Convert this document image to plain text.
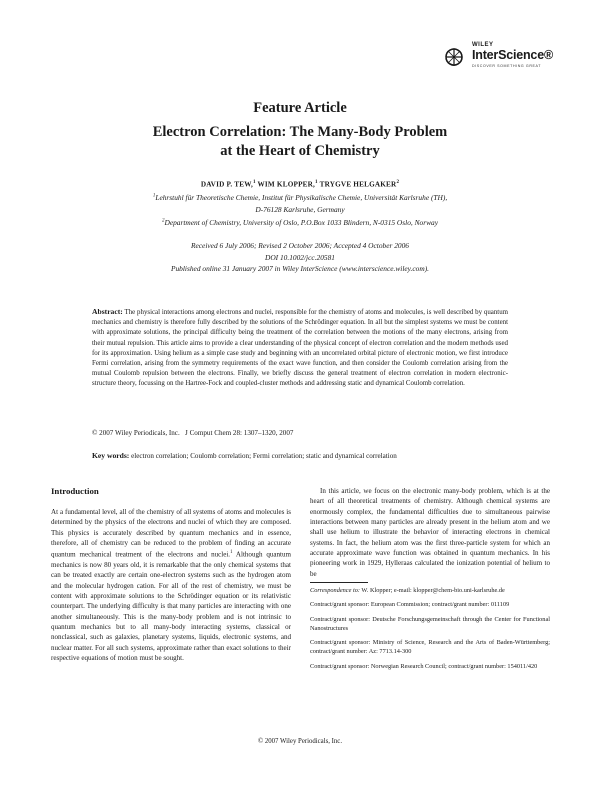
WILEY
InterScience®
DISCOVER SOMETHING GREAT
Feature Article
Electron Correlation: The Many-Body Problem
at the Heart of Chemistry
DAVID P. TEW,$^1$ WIM KLOPPER,$^1$ TRYGVE HELGAKER$^2$
$^1$Lehrstuhl für Theoretische Chemie, Institut für Physikalische Chemie, Universität Karlsruhe (TH),
D-76128 Karlsruhe, Germany
$^2$Department of Chemistry, University of Oslo, P.O.Box 1033 Blindern, N-0315 Oslo, Norway
Received 6 July 2006; Revised 2 October 2006; Accepted 4 October 2006
DOI 10.1002/jcc.20581
Published online 31 January 2007 in Wiley InterScience (www.interscience.wiley.com).
Abstract: The physical interactions among electrons and nuclei, responsible for the chemistry of atoms and molecules, is well described by quantum mechanics and chemistry is therefore fully described by the solutions of the Schrödinger equation. In all but the simplest systems we must be content with approximate solutions, the principal difficulty being the treatment of the correlation between the motions of the many electrons, arising from their mutual repulsion. This article aims to provide a clear understanding of the physical concept of electron correlation and the modern methods used for its approximation. Using helium as a simple case study and beginning with an uncorrelated orbital picture of electronic motion, we first introduce Fermi correlation, arising from the symmetry requirements of the exact wave function, and then consider the Coulomb correlation arising from the mutual Coulomb repulsion between the electrons. Finally, we briefly discuss the general treatment of electron correlation in modern electronic-structure theory, focussing on the Hartree-Fock and coupled-cluster methods and addressing static and dynamical Coulomb correlation.
© 2007 Wiley Periodicals, Inc. J Comput Chem 28: 1307–1320, 2007
Key words: electron correlation; Coulomb correlation; Fermi correlation; static and dynamical correlation
Introduction
At a fundamental level, all of the chemistry of all systems of atoms and molecules is determined by the physics of the electrons and nuclei of which they are composed. This physics is accurately described by quantum mechanics and in essence, therefore, all of chemistry can be reduced to the problem of finding an accurate quantum mechanical treatment of the electrons and nuclei.$^1$ Although quantum mechanics is now 80 years old, it is remarkable that the only chemical systems that can be treated exactly are certain one-electron systems such as the hydrogen atom and the molecular hydrogen cation. For all of the rest of chemistry, we must be content with approximate solutions to the Schrödinger equation or its relativistic counterpart. The underlying difficulty is that many particles are interacting with one another simultaneously. This is the many-body problem and is not intrinsic to quantum mechanics but to all many-body interacting systems, classical or nonclassical, such as galaxies, planetary systems, liquids, electronic systems, and nuclear matter. For all such systems, approximate rather than exact solutions to their respective equations of motion must be sought.
In this article, we focus on the electronic many-body problem, which is at the heart of all theoretical treatments of chemistry. Although chemical systems are enormously complex, the fundamental difficulties due to simultaneous pairwise interactions between many particles are already present in the helium atom and we shall use helium to illustrate the behavior of interacting electrons in chemical systems. In fact, the helium atom was the first three-particle system for which an accurate approximate wave function was obtained in quantum mechanics. In his pioneering work in 1929, Hylleraas calculated the ionization potential of helium to be

Correspondence to: W. Klopper; e-mail: klopper@chem-bio.uni-karlsruhe.de

Contract/grant sponsor: European Commission; contract/grant number: 011109

Contract/grant sponsor: Deutsche Forschungsgemeinschaft through the Center for Functional Nanostructures

Contract/grant sponsor: Ministry of Science, Research and the Arts of Baden-Württemberg; contract/grant number: Az: 7713.14-300

Contract/grant sponsor: Norwegian Research Council; contract/grant number: 154011/420

© 2007 Wiley Periodicals, Inc.
